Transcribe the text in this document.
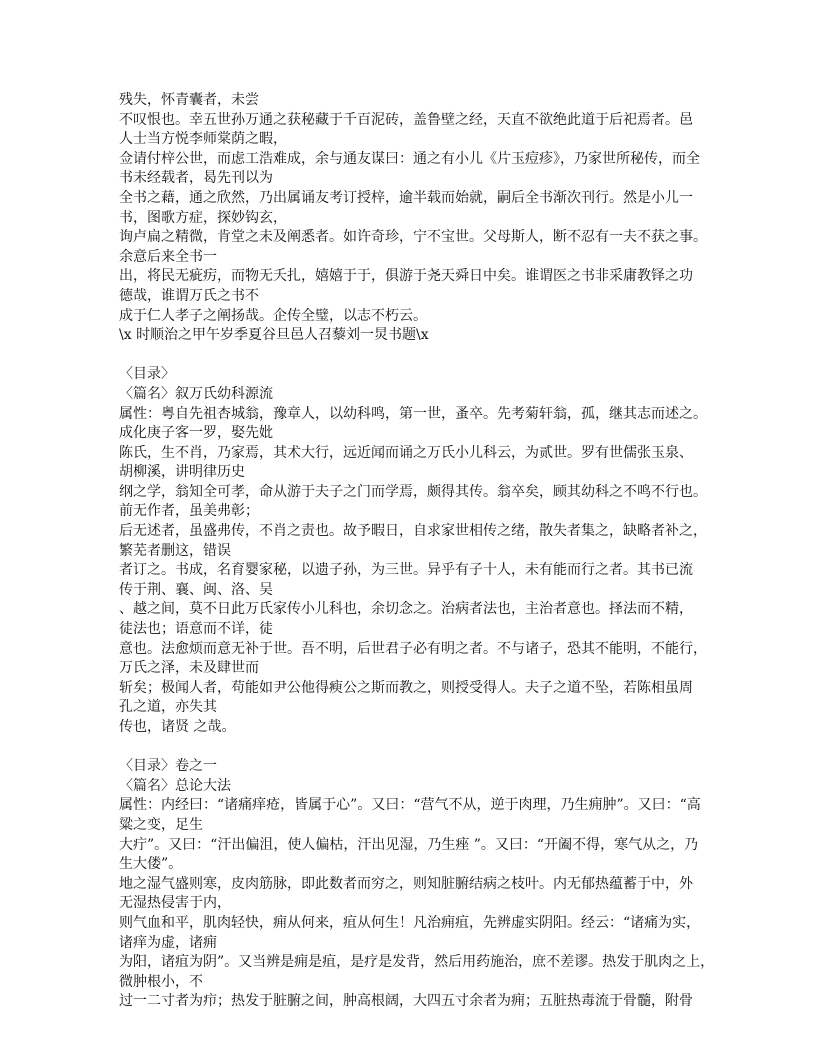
残失，怀青囊者，未尝
不叹恨也。幸五世孙万通之获秘藏于千百泥砖，盖鲁壁之经，天直不欲绝此道于后祀焉者。邑
人士当方悦李师棠荫之暇，
佥请付梓公世，而虑工浩难成，余与通友谋曰：通之有小儿《片玉痘疹》，乃家世所秘传，而全
书未经载者，曷先刊以为
全书之藉，通之欣然，乃出属诵友考订授梓，逾半载而始就，嗣后全书渐次刊行。然是小儿一
书，图歌方症，探妙钩玄，
询卢扁之精微，肯堂之未及阐悉者。如许奇珍，宁不宝世。父母斯人，断不忍有一夫不获之事。
余意后来全书一
出，将民无疵疠，而物无夭扎，嬉嬉于于，俱游于尧天舜日中矣。谁谓医之书非采庸教铎之功
德哉，谁谓万氏之书不
成于仁人孝子之阐扬哉。企传全璧，以志不朽云。
\x 时顺治之甲午岁季夏谷旦邑人召藜刘一炅书题\x
〈目录〉
〈篇名〉叙万氏幼科源流
属性：粤自先祖杏城翁，豫章人，以幼科鸣，第一世，蚤卒。先考菊轩翁，孤，继其志而述之。
成化庚子客一罗，娶先妣
陈氏，生不肖，乃家焉，其术大行，远近闻而诵之万氏小儿科云，为贰世。罗有世儒张玉泉、
胡柳溪，讲明律历史
纲之学，翁知全可孝，命从游于夫子之门而学焉，颇得其传。翁卒矣，顾其幼科之不鸣不行也。
前无作者，虽美弗彰；
后无述者，虽盛弗传，不肖之责也。故予暇日，自求家世相传之绪，散失者集之，缺略者补之，
繁芜者删这，错误
者订之。书成，名育婴家秘，以遗子孙，为三世。异乎有子十人，未有能而行之者。其书已流
传于荆、襄、闽、洛、吴
、越之间，莫不日此万氏家传小儿科也，余切念之。治病者法也，主治者意也。择法而不精，
徒法也；语意而不详，徒
意也。法愈烦而意无补于世。吾不明，后世君子必有明之者。不与诸子，恐其不能明，不能行，
万氏之泽，未及肆世而
斩矣；极闻人者，苟能如尹公他得瘐公之斯而教之，则授受得人。夫子之道不坠，若陈相虽周
孔之道，亦失其
传也，诸贤 之哉。
〈目录〉卷之一
〈篇名〉总论大法
属性：内经曰：“诸痛痒疮，皆属于心”。又曰：“营气不从，逆于肉理，乃生痈肿”。又曰：“高
粱之变，足生
大疔”。又曰：“汗出偏沮，使人偏枯，汗出见湿，乃生痤 ”。又曰：“开阖不得，寒气从之，乃
生大偻”。
地之湿气盛则寒，皮肉筋脉，即此数者而穷之，则知脏腑结病之枝叶。内无郁热蕴蓄于中，外
无湿热侵害于内，
则气血和平，肌肉轻快，痈从何来，疽从何生！凡治痈疽，先辨虚实阴阳。经云：“诸痛为实，
诸痒为虚，诸痈
为阳，诸疽为阴”。又当辨是痈是疽，是疗是发背，然后用药施治，庶不差谬。热发于肌肉之上，
微肿根小，不
过一二寸者为疖；热发于脏腑之间，肿高根阔，大四五寸余者为痈；五脏热毒流于骨髓，附骨
